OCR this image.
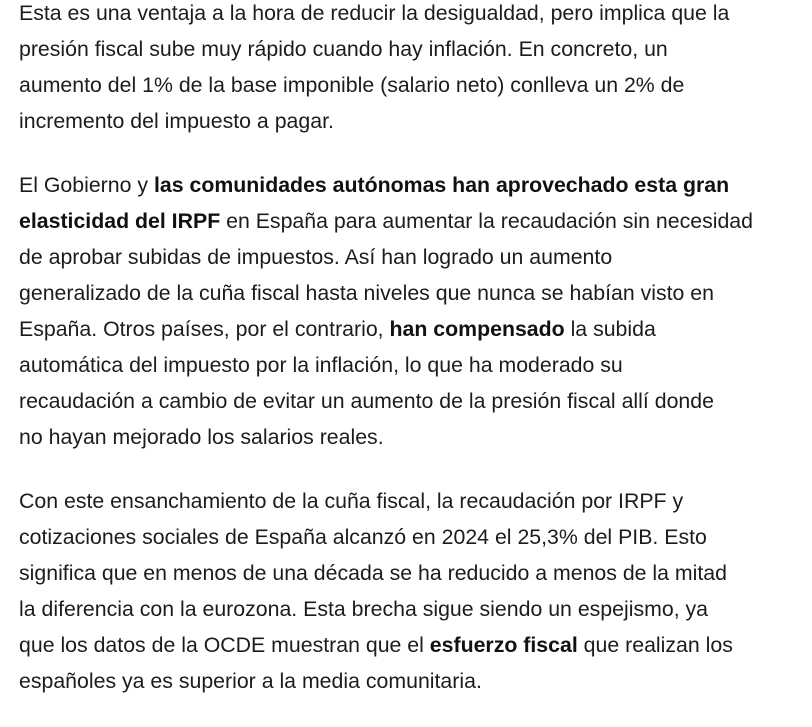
Esta es una ventaja a la hora de reducir la desigualdad, pero implica que la
presión fiscal sube muy rápido cuando hay inflación. En concreto, un
aumento del 1% de la base imponible (salario neto) conlleva un 2% de
incremento del impuesto a pagar.

El Gobierno y las comunidades autónomas han aprovechado esta gran
elasticidad del IRPF en España para aumentar la recaudación sin necesidad
de aprobar subidas de impuestos. Así han logrado un aumento
generalizado de la cuña fiscal hasta niveles que nunca se habían visto en
España. Otros países, por el contrario, han compensado la subida
automática del impuesto por la inflación, lo que ha moderado su
recaudación a cambio de evitar un aumento de la presión fiscal allí donde
no hayan mejorado los salarios reales.

Con este ensanchamiento de la cuña fiscal, la recaudación por IRPF y
cotizaciones sociales de España alcanzó en 2024 el 25,3% del PIB. Esto
significa que en menos de una década se ha reducido a menos de la mitad
la diferencia con la eurozona. Esta brecha sigue siendo un espejismo, ya
que los datos de la OCDE muestran que el esfuerzo fiscal que realizan los
españoles ya es superior a la media comunitaria.
